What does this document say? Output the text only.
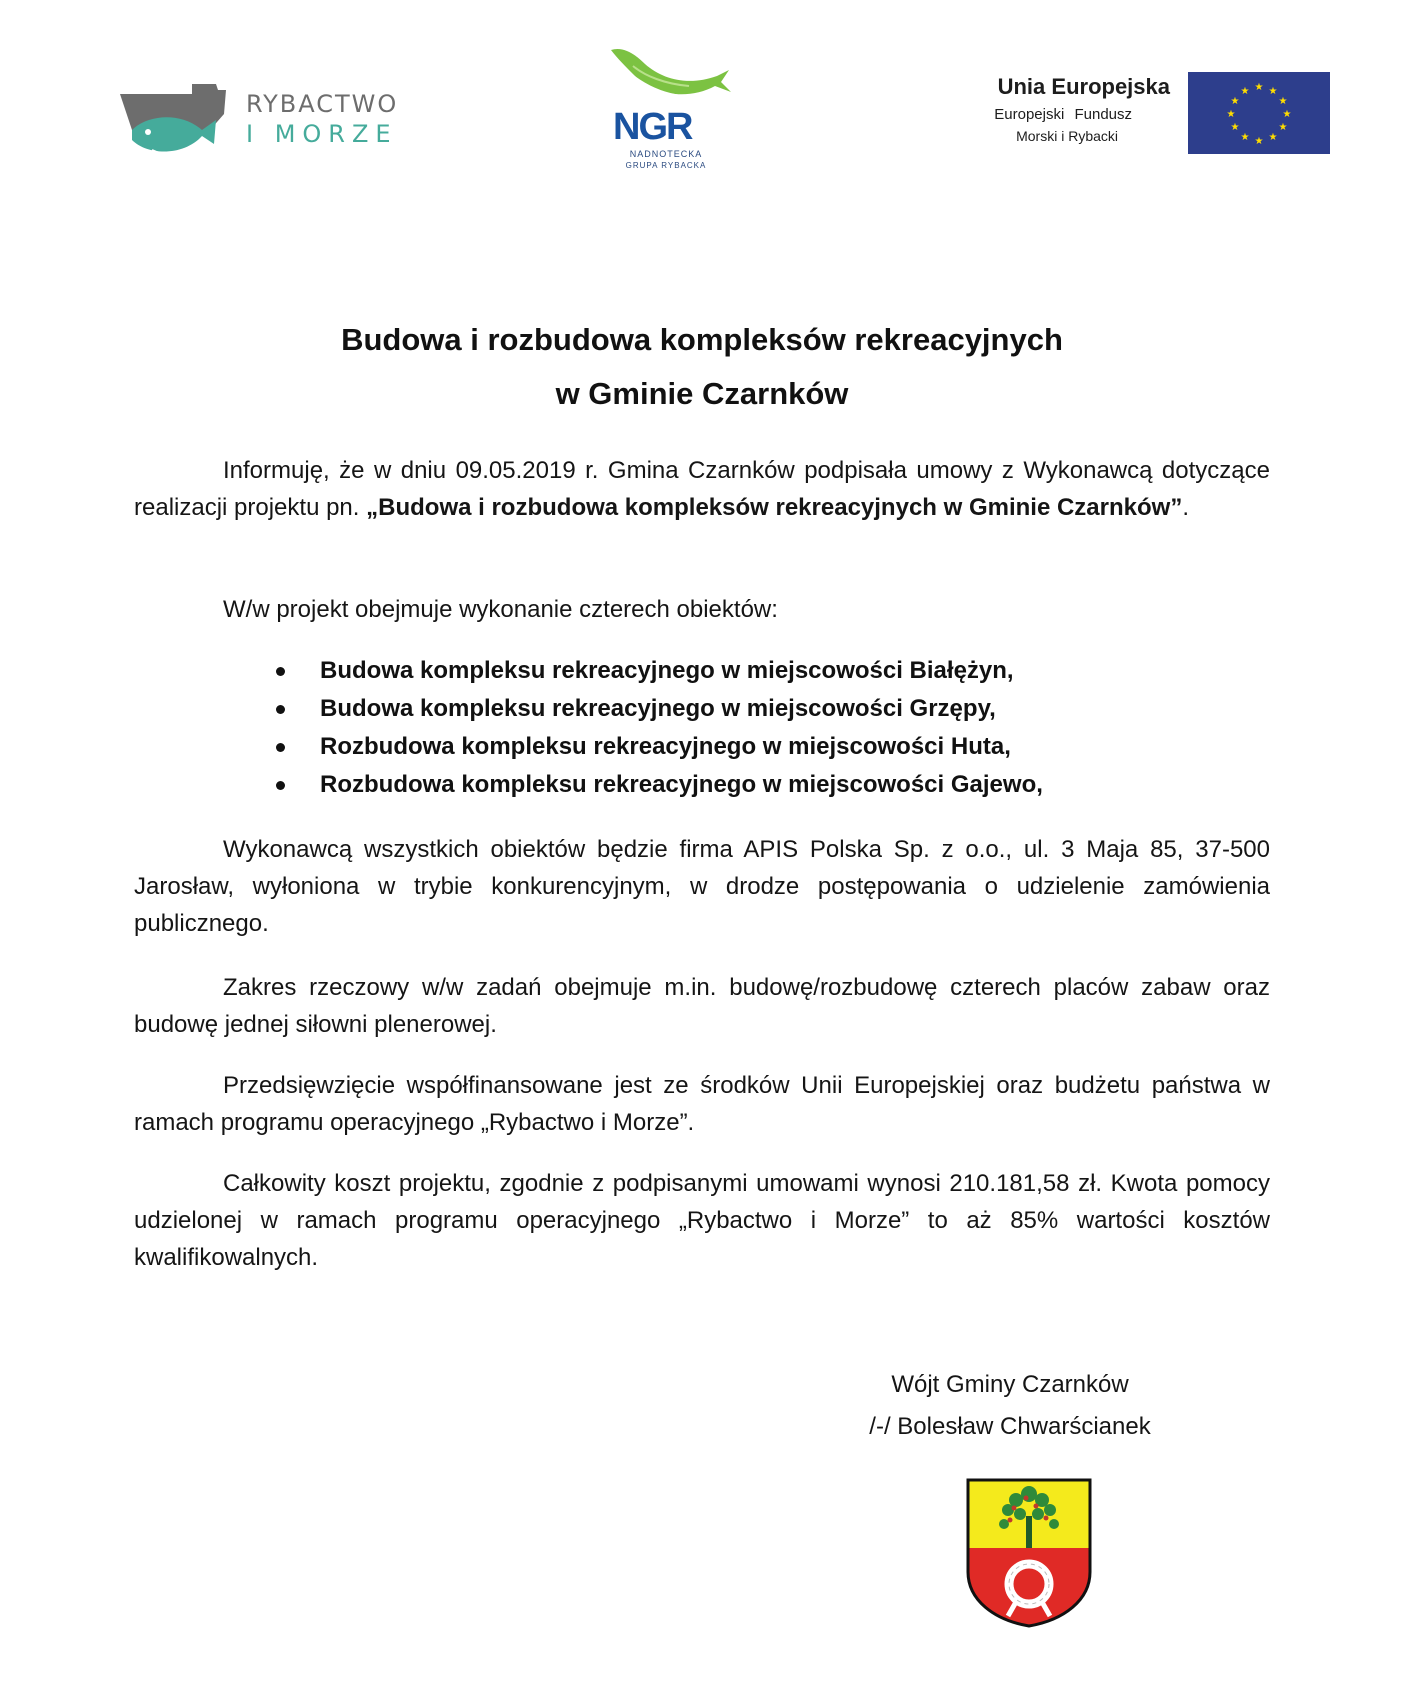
RYBACTWO
I MORZE	NGR
NADNOTECKA
GRUPA RYBACKA
Unia Europejska
Europejski Fundusz
Morski i Rybacki
★ ★
★
★
★
★
★
★
★
★
★
★
Budowa i rozbudowa kompleksów rekreacyjnych
w Gminie Czarnków
Informuję, że w dniu 09.05.2019 r. Gmina Czarnków podpisała umowy z Wykonawcą dotyczące realizacji projektu pn. „Budowa i rozbudowa kompleksów rekreacyjnych w Gminie Czarnków”.
W/w projekt obejmuje wykonanie czterech obiektów:
Budowa kompleksu rekreacyjnego w miejscowości Białężyn,
Budowa kompleksu rekreacyjnego w miejscowości Grzępy,
Rozbudowa kompleksu rekreacyjnego w miejscowości Huta,
Rozbudowa kompleksu rekreacyjnego w miejscowości Gajewo,
Wykonawcą wszystkich obiektów będzie firma APIS Polska Sp. z o.o., ul. 3 Maja 85, 37-500 Jarosław, wyłoniona w trybie konkurencyjnym, w drodze postępowania o udzielenie zamówienia publicznego.
Zakres rzeczowy w/w zadań obejmuje m.in. budowę/rozbudowę czterech placów zabaw oraz budowę jednej siłowni plenerowej.
Przedsięwzięcie współfinansowane jest ze środków Unii Europejskiej oraz budżetu państwa w ramach programu operacyjnego „Rybactwo i Morze”.
Całkowity koszt projektu, zgodnie z podpisanymi umowami wynosi 210.181,58 zł. Kwota pomocy udzielonej w ramach programu operacyjnego „Rybactwo i Morze” to aż 85% wartości kosztów kwalifikowalnych.
Wójt Gminy Czarnków
/-/ Bolesław Chwarścianek
